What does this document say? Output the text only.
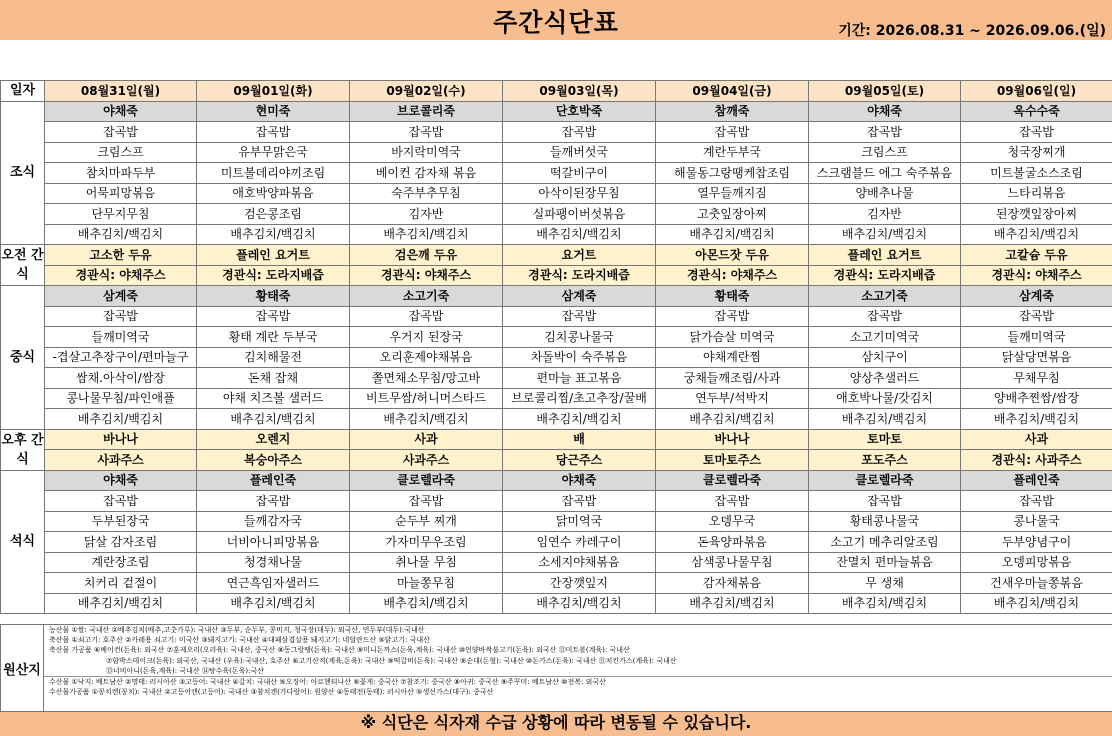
주간식단표	기간: 2026.08.31 ~ 2026.09.06.(일)
일자	08월31일(월)	09월01일(화)	09월02일(수)	09월03일(목)	09월04일(금)	09월05일(토)	09월06일(일)
조식	야채죽	현미죽	브로콜리죽	단호박죽	참깨죽	야채죽	옥수수죽
	잡곡밥	잡곡밥	잡곡밥	잡곡밥	잡곡밥	잡곡밥	잡곡밥
	크림스프	유부무맑은국	바지락미역국	들깨버섯국	계란두부국	크림스프	청국장찌개
	참치마파두부	미트볼데리야끼조림	베이컨 감자채 볶음	떡갈비구이	해물동그랑땡케찹조림	스크램블드 에그 숙주볶음	미트볼굴소스조림
	어묵피망볶음	애호박양파볶음	숙주부추무침	아삭이된장무침	열무들깨지짐	양배추나물	느타리볶음
	단무지무침	검은콩조림	김자반	실파팽이버섯볶음	고춧잎장아찌	김자반	된장깻잎장아찌
	배추김치/백김치	배추김치/백김치	배추김치/백김치	배추김치/백김치	배추김치/백김치	배추김치/백김치	배추김치/백김치
오전 간식	고소한 두유	플레인 요거트	검은깨 두유	요거트	아몬드잣 두유	플레인 요거트	고칼슘 두유
	경관식: 야채주스	경관식: 도라지배즙	경관식: 야채주스	경관식: 도라지배즙	경관식: 야채주스	경관식: 도라지배즙	경관식: 야채주스
중식	삼계죽	황태죽	소고기죽	삼계죽	황태죽	소고기죽	삼계죽
	잡곡밥	잡곡밥	잡곡밥	잡곡밥	잡곡밥	잡곡밥	잡곡밥
	들깨미역국	황태 계란 두부국	우거지 된장국	김치콩나물국	닭가슴살 미역국	소고기미역국	들깨미역국
	-겹살고추장구이/편마늘구	김치해물전	오리훈제야채볶음	차돌박이 숙주볶음	야채계란찜	삼치구이	닭살당면볶음
	쌈채.아삭이/쌈장	돈채 잡채	쫄면채소무침/망고바	편마늘 표고볶음	궁채들깨조림/사과	양상추샐러드	무채무침
	콩나물무침/파인애플	야채 치즈볼 샐러드	비트무쌈/허니머스타드	브로콜리찜/초고추장/꿀배	연두부/석박지	애호박나물/갓김치	양배추찐쌈/쌈장
	배추김치/백김치	배추김치/백김치	배추김치/백김치	배추김치/백김치	배추김치/백김치	배추김치/백김치	배추김치/백김치
오후 간식	바나나	오렌지	사과	배	바나나	토마토	사과
	사과주스	복숭아주스	사과주스	당근주스	토마토주스	포도주스	경관식: 사과주스
석식	야채죽	플레인죽	클로렐라죽	야채죽	클로렐라죽	클로렐라죽	플레인죽
	잡곡밥	잡곡밥	잡곡밥	잡곡밥	잡곡밥	잡곡밥	잡곡밥
	두부된장국	들깨감자국	순두부 찌개	닭미역국	오뎅무국	황태콩나물국	콩나물국
	닭살 감자조림	너비아니피망볶음	가자미무우조림	임연수 카레구이	돈육양파볶음	소고기 메추리알조림	두부양념구이
	계란장조림	청경채나물	취나물 무침	소세지야채볶음	삼색콩나물무침	잔멸치 편마늘볶음	오뎅피망볶음
	치커리 겉절이	연근흑임자샐러드	마늘쫑무침	간장깻잎지	감자채볶음	무 생채	건새우마늘쫑볶음
	배추김치/백김치	배추김치/백김치	배추김치/백김치	배추김치/백김치	배추김치/백김치	배추김치/백김치	배추김치/백김치
원산지
농산물 ①쌀: 국내산 ②배추김치(배추,고춧가루): 국내산 ③두부, 순두부, 콩비지, 청국장(대두): 외국산, 연두부(대두):국내산
축산물 ①쇠고기: 호주산 ②카레용 쇠고기: 미국산 ③돼지고기: 국내산 ④대패삼겹살용 돼지고기: 네덜란드산 ⑤닭고기: 국내산
축산물 가공품 ⑥베이컨(돈육): 외국산 ⑦훈제오리(오리육): 국내산, 중국산 ⑧동그랑땡(돈육): 국내산 ⑨미니돈까스(돈육,계육): 국내산 ⑩언양바싹불고기(돈육): 외국산 ⑪미트볼(계육): 국내산
⑦함박스테이크(돈육): 외국산, 국내산 (우육):국내산, 호주산 ⑥고기산적(계육,돈육): 국내산 ⑨떡갈비(돈육): 국내산 ⑨순대(돈혈): 국내산 ⑩돈가스(돈육): 국내산 ⑪치킨가스(계육): 국내산
⑬너비아니(돈육,계육): 국내산 ⑭탕수육(돈육):국산
수산물 ①낙지: 베트남산 ②명태: 러시아산 ③고등어: 국내산 ④갈치: 국내산 ⑤오징어: 아르헨티나산 ⑥꽃게: 중국산 ⑦참조기: 중국산 ⑧아귀: 중국산 ⑨주꾸미: 베트남산 ⑩전복: 외국산
수산물가공품 ①꽁치캔(꽁치): 국내산 ②고등어캔(고등어): 국내산 ③참치캔(가다랑어): 원양산 ④동태전(동태): 러시아산 ⑤생선가스(대구): 중국산
※ 식단은 식자재 수급 상황에 따라 변동될 수 있습니다.
